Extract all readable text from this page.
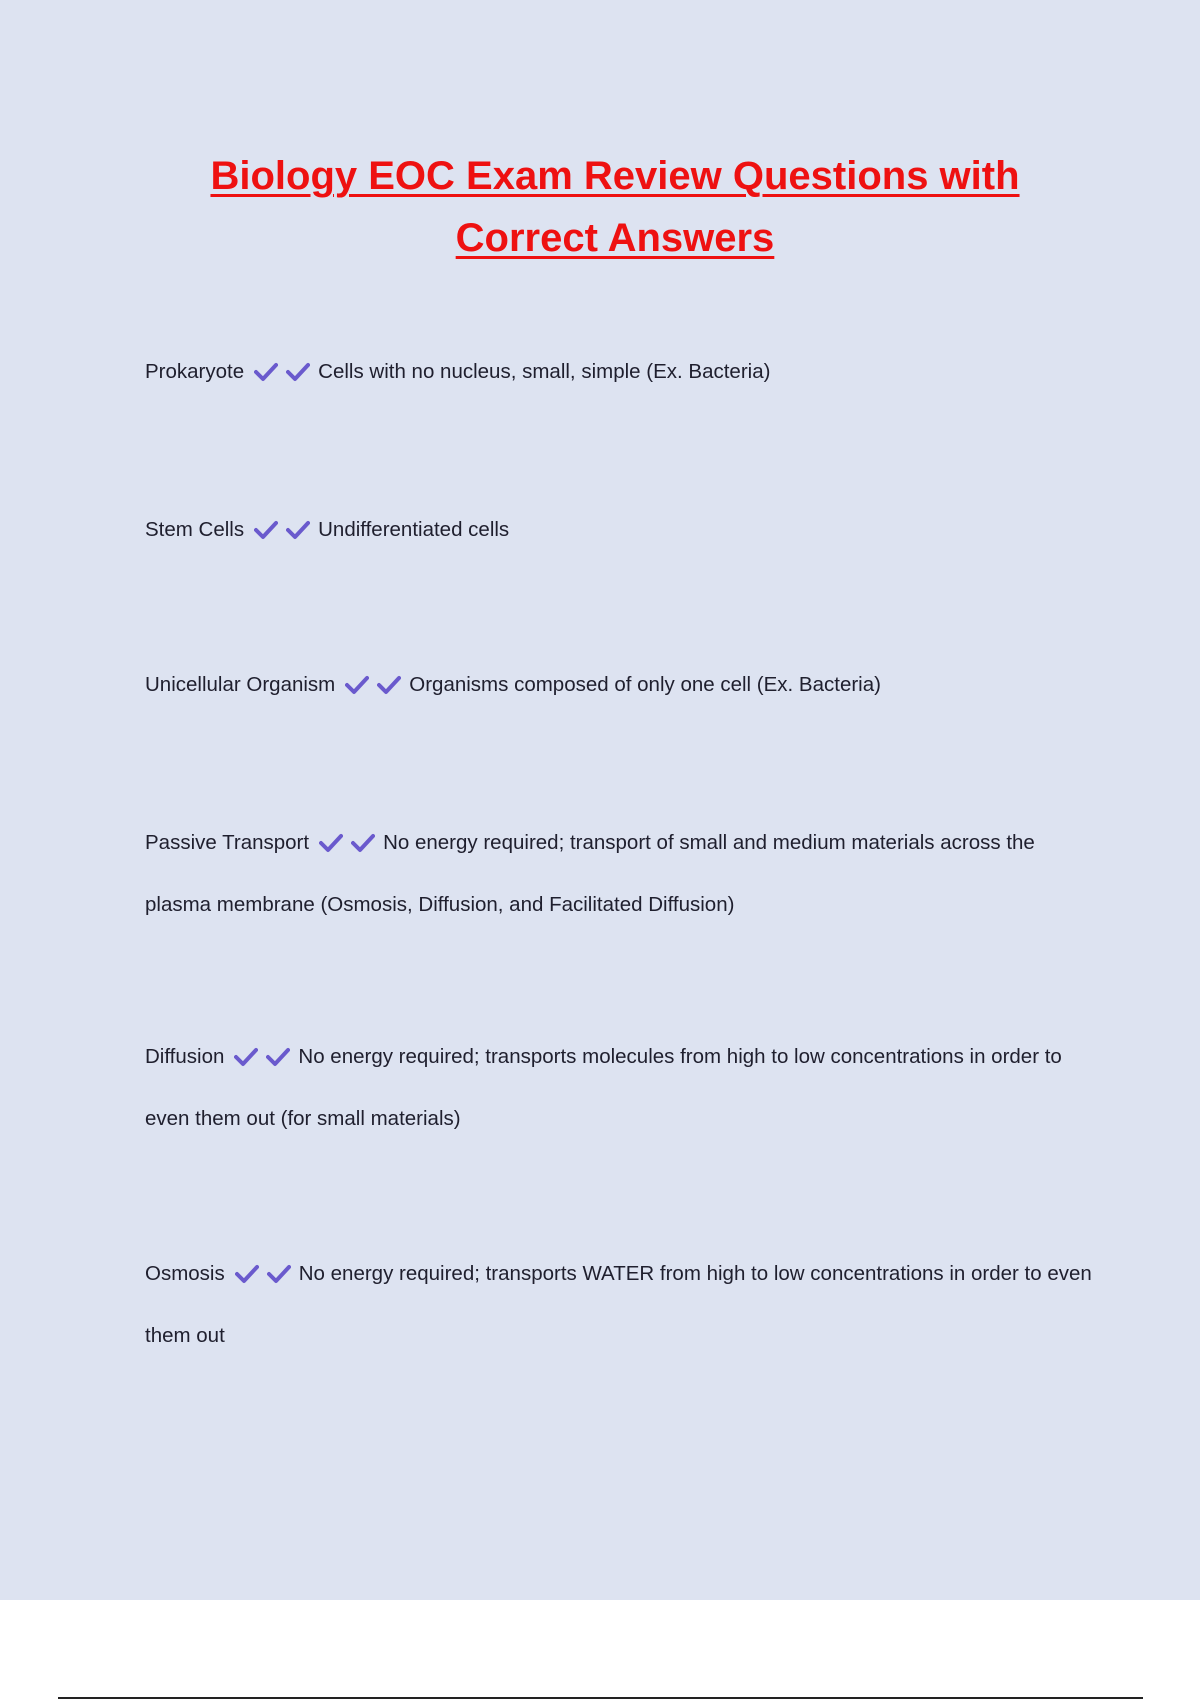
Biology EOC Exam Review Questions with
Correct Answers

Prokaryote	Cells with no nucleus, small, simple (Ex. Bacteria)

Stem Cells	Undifferentiated cells

Unicellular Organism	Organisms composed of only one cell (Ex. Bacteria)

Passive Transport	No energy required; transport of small and medium materials across the plasma membrane (Osmosis, Diffusion, and Facilitated Diffusion)

Diffusion	No energy required; transports molecules from high to low concentrations in order to even them out (for small materials)

Osmosis	No energy required; transports WATER from high to low concentrations in order to even them out
